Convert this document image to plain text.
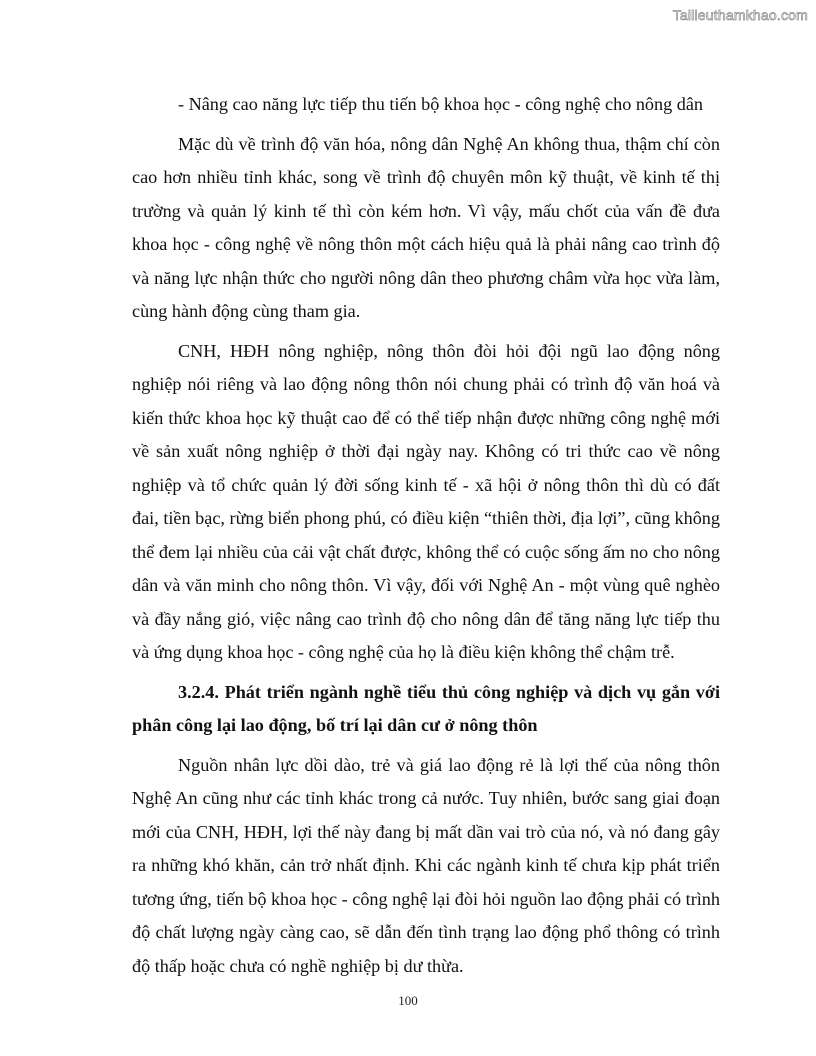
Tailieuthamkhao.com

- Nâng cao năng lực tiếp thu tiến bộ khoa học - công nghệ cho nông dân

Mặc dù về trình độ văn hóa, nông dân Nghệ An không thua, thậm chí còn cao hơn nhiều tỉnh khác, song về trình độ chuyên môn kỹ thuật, về kinh tế thị trường và quản lý kinh tế thì còn kém hơn. Vì vậy, mấu chốt của vấn đề đưa khoa học - công nghệ về nông thôn một cách hiệu quả là phải nâng cao trình độ và năng lực nhận thức cho người nông dân theo phương châm vừa học vừa làm, cùng hành động cùng tham gia.

CNH, HĐH nông nghiệp, nông thôn đòi hỏi đội ngũ lao động nông nghiệp nói riêng và lao động nông thôn nói chung phải có trình độ văn hoá và kiến thức khoa học kỹ thuật cao để có thể tiếp nhận được những công nghệ mới về sản xuất nông nghiệp ở thời đại ngày nay. Không có tri thức cao về nông nghiệp và tổ chức quản lý đời sống kinh tế - xã hội ở nông thôn thì dù có đất đai, tiền bạc, rừng biển phong phú, có điều kiện “thiên thời, địa lợi”, cũng không thể đem lại nhiều của cải vật chất được, không thể có cuộc sống ấm no cho nông dân và văn minh cho nông thôn. Vì vậy, đối với Nghệ An - một vùng quê nghèo và đầy nắng gió, việc nâng cao trình độ cho nông dân để tăng năng lực tiếp thu và ứng dụng khoa học - công nghệ của họ là điều kiện không thể chậm trễ.

3.2.4. Phát triển ngành nghề tiểu thủ công nghiệp và dịch vụ gắn với phân công lại lao động, bố trí lại dân cư ở nông thôn

Nguồn nhân lực dồi dào, trẻ và giá lao động rẻ là lợi thế của nông thôn Nghệ An cũng như các tỉnh khác trong cả nước. Tuy nhiên, bước sang giai đoạn mới của CNH, HĐH, lợi thế này đang bị mất dần vai trò của nó, và nó đang gây ra những khó khăn, cản trở nhất định. Khi các ngành kinh tế chưa kịp phát triển tương ứng, tiến bộ khoa học - công nghệ lại đòi hỏi nguồn lao động phải có trình độ chất lượng ngày càng cao, sẽ dẫn đến tình trạng lao động phổ thông có trình độ thấp hoặc chưa có nghề nghiệp bị dư thừa.

100
